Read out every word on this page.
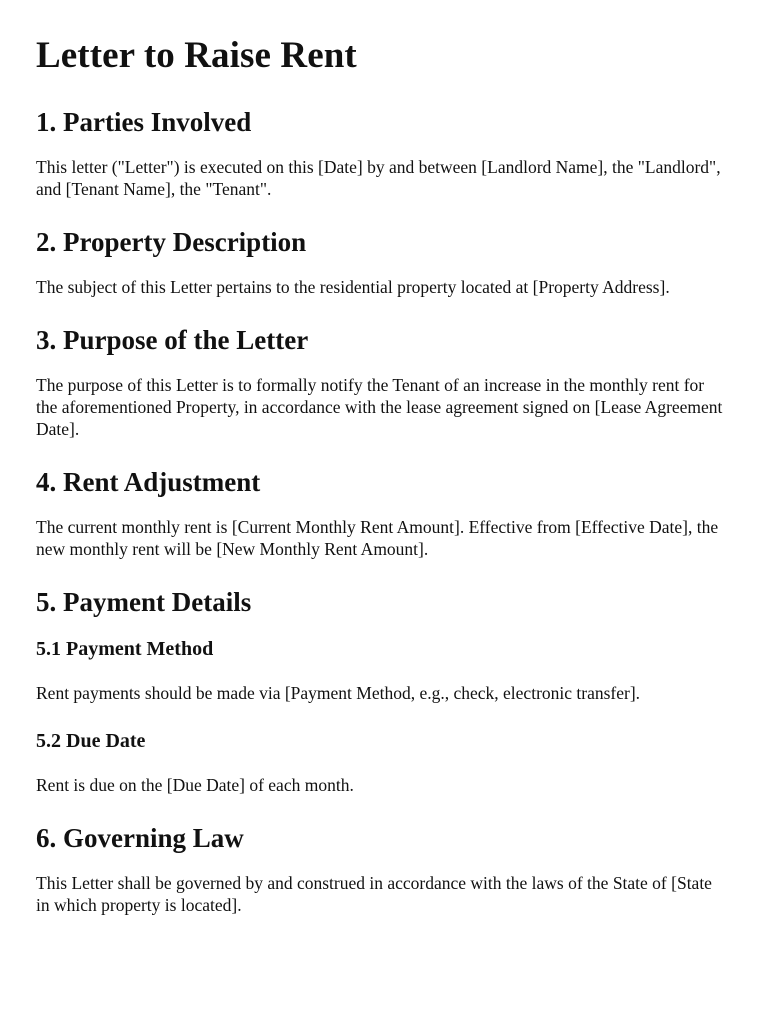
Letter to Raise Rent
1. Parties Involved

This letter ("Letter") is executed on this [Date] by and between [Landlord Name], the "Landlord", and [Tenant Name], the "Tenant".

2. Property Description

The subject of this Letter pertains to the residential property located at [Property Address].

3. Purpose of the Letter

The purpose of this Letter is to formally notify the Tenant of an increase in the monthly rent for the aforementioned Property, in accordance with the lease agreement signed on [Lease Agreement Date].

4. Rent Adjustment

The current monthly rent is [Current Monthly Rent Amount]. Effective from [Effective Date], the new monthly rent will be [New Monthly Rent Amount].

5. Payment Details
5.1 Payment Method

Rent payments should be made via [Payment Method, e.g., check, electronic transfer].

5.2 Due Date

Rent is due on the [Due Date] of each month.

6. Governing Law

This Letter shall be governed by and construed in accordance with the laws of the State of [State in which property is located].
